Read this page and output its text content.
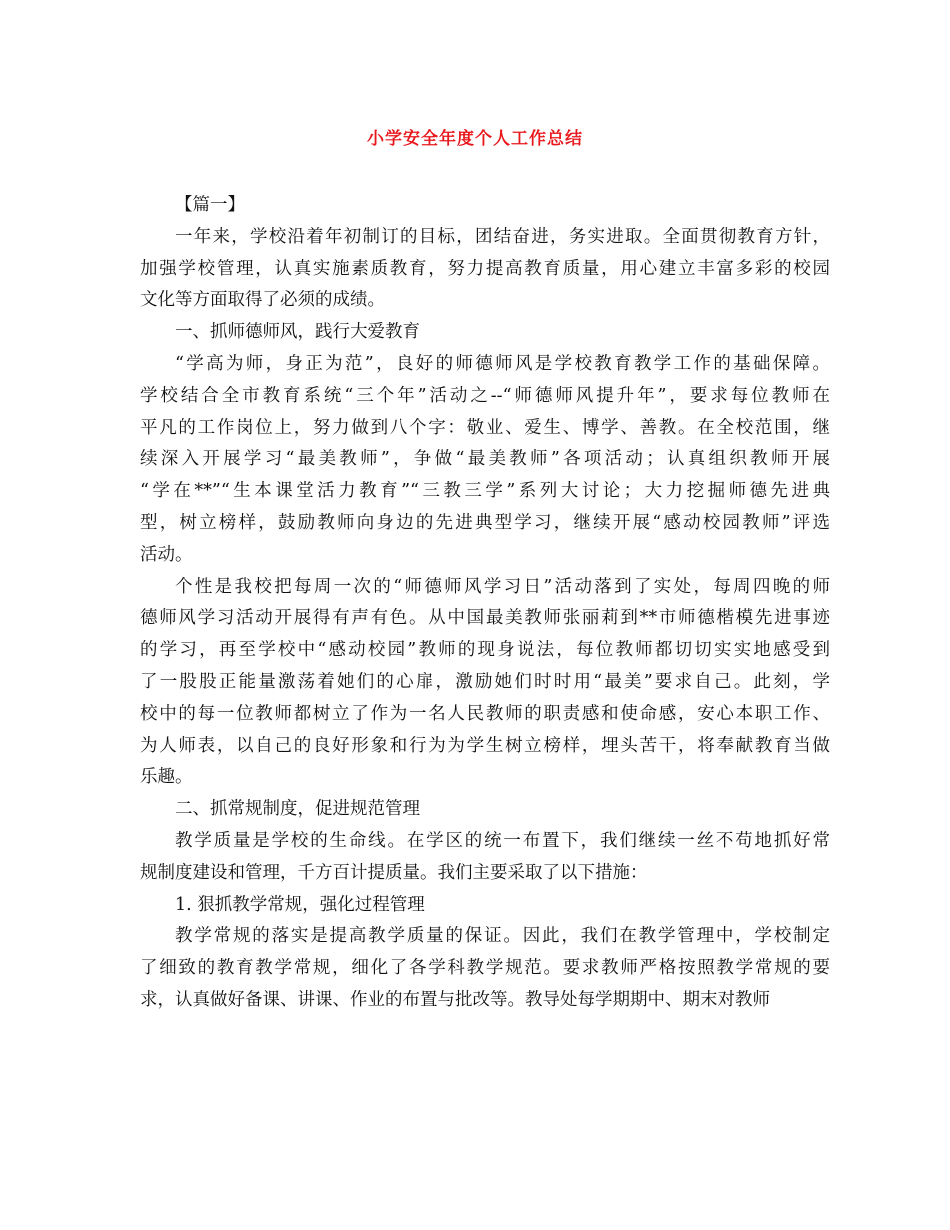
小学安全年度个人工作总结

【篇一】

一年来，学校沿着年初制订的目标，团结奋进，务实进取。全面贯彻教育方针，
加强学校管理，认真实施素质教育，努力提高教育质量，用心建立丰富多彩的校园
文化等方面取得了必须的成绩。

一、抓师德师风，践行大爱教育

“学高为师，身正为范”，良好的师德师风是学校教育教学工作的基础保障。
学校结合全市教育系统“三个年”活动之--“师德师风提升年”，要求每位教师在
平凡的工作岗位上，努力做到八个字：敬业、爱生、博学、善教。在全校范围，继
续深入开展学习“最美教师”，争做“最美教师”各项活动；认真组织教师开展
“学在**”“生本课堂活力教育”“三教三学”系列大讨论；大力挖掘师德先进典
型，树立榜样，鼓励教师向身边的先进典型学习，继续开展“感动校园教师”评选
活动。

个性是我校把每周一次的“师德师风学习日”活动落到了实处，每周四晚的师
德师风学习活动开展得有声有色。从中国最美教师张丽莉到**市师德楷模先进事迹
的学习，再至学校中“感动校园”教师的现身说法，每位教师都切切实实地感受到
了一股股正能量激荡着她们的心扉，激励她们时时用“最美”要求自己。此刻，学
校中的每一位教师都树立了作为一名人民教师的职责感和使命感，安心本职工作、
为人师表，以自己的良好形象和行为为学生树立榜样，埋头苦干，将奉献教育当做
乐趣。

二、抓常规制度，促进规范管理

教学质量是学校的生命线。在学区的统一布置下，我们继续一丝不苟地抓好常
规制度建设和管理，千方百计提质量。我们主要采取了以下措施：

1. 狠抓教学常规，强化过程管理

教学常规的落实是提高教学质量的保证。因此，我们在教学管理中，学校制定
了细致的教育教学常规，细化了各学科教学规范。要求教师严格按照教学常规的要
求，认真做好备课、讲课、作业的布置与批改等。教导处每学期期中、期末对教师
